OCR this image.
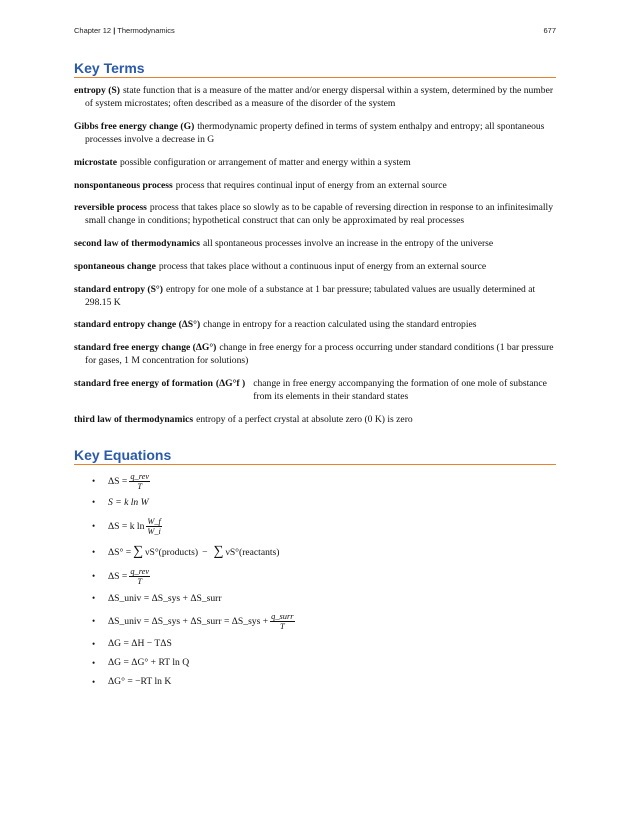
Chapter 12 | Thermodynamics	677
Key Terms
entropy (S) state function that is a measure of the matter and/or energy dispersal within a system, determined by the number of system microstates; often described as a measure of the disorder of the system
Gibbs free energy change (G) thermodynamic property defined in terms of system enthalpy and entropy; all spontaneous processes involve a decrease in G
microstate possible configuration or arrangement of matter and energy within a system
nonspontaneous process process that requires continual input of energy from an external source
reversible process process that takes place so slowly as to be capable of reversing direction in response to an infinitesimally small change in conditions; hypothetical construct that can only be approximated by real processes
second law of thermodynamics all spontaneous processes involve an increase in the entropy of the universe
spontaneous change process that takes place without a continuous input of energy from an external source
standard entropy (S°) entropy for one mole of a substance at 1 bar pressure; tabulated values are usually determined at 298.15 K
standard entropy change (ΔS°) change in entropy for a reaction calculated using the standard entropies
standard free energy change (ΔG°) change in free energy for a process occurring under standard conditions (1 bar pressure for gases, 1 M concentration for solutions)
standard free energy of formation (ΔG°f ) change in free energy accompanying the formation of one mole of substance from its elements in their standard states
third law of thermodynamics entropy of a perfect crystal at absolute zero (0 K) is zero
Key Equations
• $\Delta S = \frac{\text{q\_rev}}{T}$
• S = k ln W
• ΔS = k $\ln \frac{W\_f}{W\_i}$
• ΔS° = ∑ νS°(products) − ∑ νS°(reactants)
• $\Delta S = \frac{\text{q\_rev}}{T}$
• ΔS_univ = ΔS_sys + ΔS_surr
• ΔS_univ = ΔS_sys + ΔS_surr = ΔS_sys + $\frac{\text{q\_surr}}{T}$
• ΔG = ΔH − TΔS
• ΔG = ΔG° + RT ln Q
• ΔG° = −RT ln K
